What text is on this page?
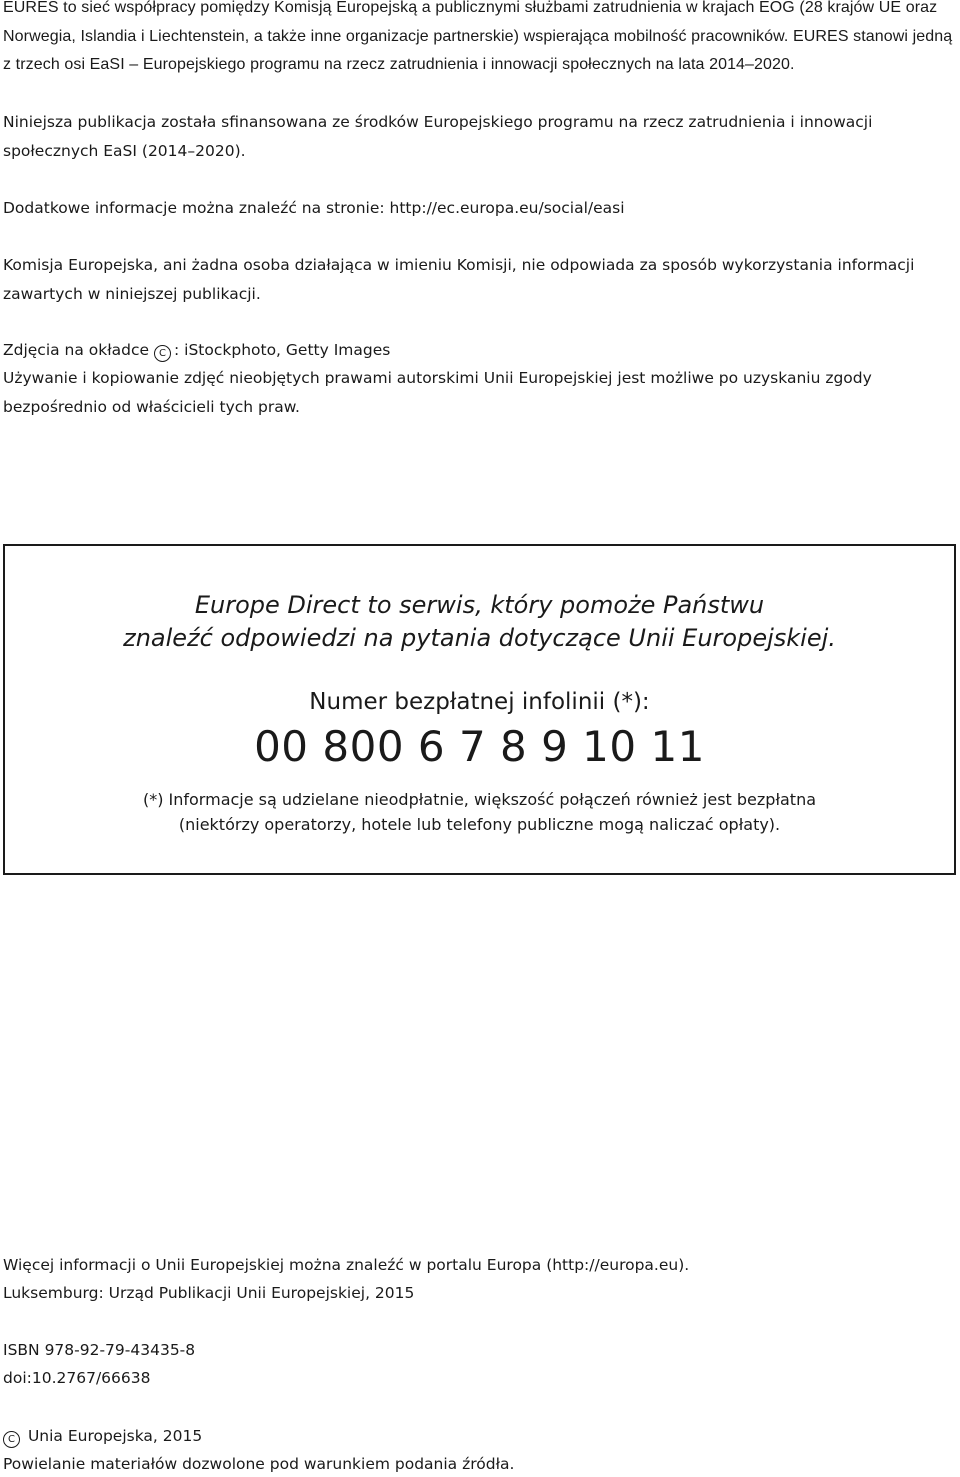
EURES to sieć współpracy pomiędzy Komisją Europejską a publicznymi służbami zatrudnienia w krajach EOG (28 krajów UE oraz Norwegia, Islandia i Liechtenstein, a także inne organizacje partnerskie) wspierająca mobilność pracowników. EURES stanowi jedną z trzech osi EaSI – Europejskiego programu na rzecz zatrudnienia i innowacji społecznych na lata 2014–2020.

Niniejsza publikacja została sfinansowana ze środków Europejskiego programu na rzecz zatrudnienia i innowacji społecznych EaSI (2014–2020).

Dodatkowe informacje można znaleźć na stronie: http://ec.europa.eu/social/easi

Komisja Europejska, ani żadna osoba działająca w imieniu Komisji, nie odpowiada za sposób wykorzystania informacji zawartych w niniejszej publikacji.

Zdjęcia na okładce C : iStockphoto, Getty Images

Używanie i kopiowanie zdjęć nieobjętych prawami autorskimi Unii Europejskiej jest możliwe po uzyskaniu zgody bezpośrednio od właścicieli tych praw.

Europe Direct to serwis, który pomoże Państwu
znaleźć odpowiedzi na pytania dotyczące Unii Europejskiej.
Numer bezpłatnej infolinii (*):
00 800 6 7 8 9 10 11
(*) Informacje są udzielane nieodpłatnie, większość połączeń również jest bezpłatna
(niektórzy operatorzy, hotele lub telefony publiczne mogą naliczać opłaty).
Więcej informacji o Unii Europejskiej można znaleźć w portalu Europa (http://europa.eu).
Luksemburg: Urząd Publikacji Unii Europejskiej, 2015
ISBN 978-92-79-43435-8
doi:10.2767/66638
C Unia Europejska, 2015
Powielanie materiałów dozwolone pod warunkiem podania źródła.
